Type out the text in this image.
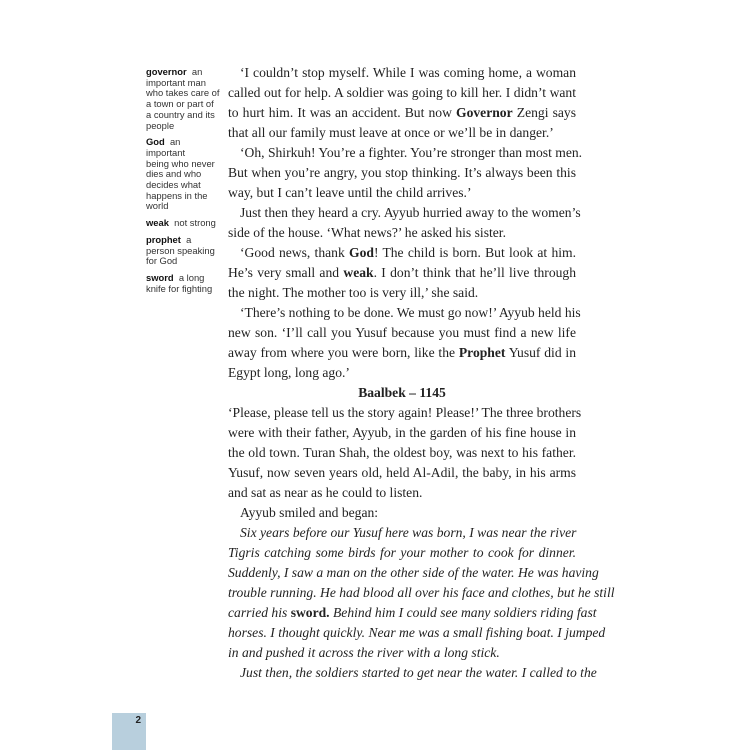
governor an
important man
who takes care of
a town or part of
a country and its
people
God an important
being who never
dies and who
decides what
happens in the
world
weak not strong
prophet a
person speaking
for God
sword a long
knife for fighting
‘I couldn’t stop myself. While I was coming home, a woman
called out for help. A soldier was going to kill her. I didn’t want
to hurt him. It was an accident. But now Governor Zengi says
that all our family must leave at once or we’ll be in danger.’
‘Oh, Shirkuh! You’re a fighter. You’re stronger than most men.
But when you’re angry, you stop thinking. It’s always been this
way, but I can’t leave until the child arrives.’
Just then they heard a cry. Ayyub hurried away to the women’s
side of the house. ‘What news?’ he asked his sister.
‘Good news, thank God! The child is born. But look at him.
He’s very small and weak. I don’t think that he’ll live through
the night. The mother too is very ill,’ she said.
‘There’s nothing to be done. We must go now!’ Ayyub held his
new son. ‘I’ll call you Yusuf because you must find a new life
away from where you were born, like the Prophet Yusuf did in
Egypt long, long ago.’
Baalbek – 1145
‘Please, please tell us the story again! Please!’ The three brothers
were with their father, Ayyub, in the garden of his fine house in
the old town. Turan Shah, the oldest boy, was next to his father.
Yusuf, now seven years old, held Al-Adil, the baby, in his arms
and sat as near as he could to listen.
Ayyub smiled and began:
Six years before our Yusuf here was born, I was near the river
Tigris catching some birds for your mother to cook for dinner.
Suddenly, I saw a man on the other side of the water. He was having
trouble running. He had blood all over his face and clothes, but he still
carried his sword. Behind him I could see many soldiers riding fast
horses. I thought quickly. Near me was a small fishing boat. I jumped
in and pushed it across the river with a long stick.
Just then, the soldiers started to get near the water. I called to the
2
